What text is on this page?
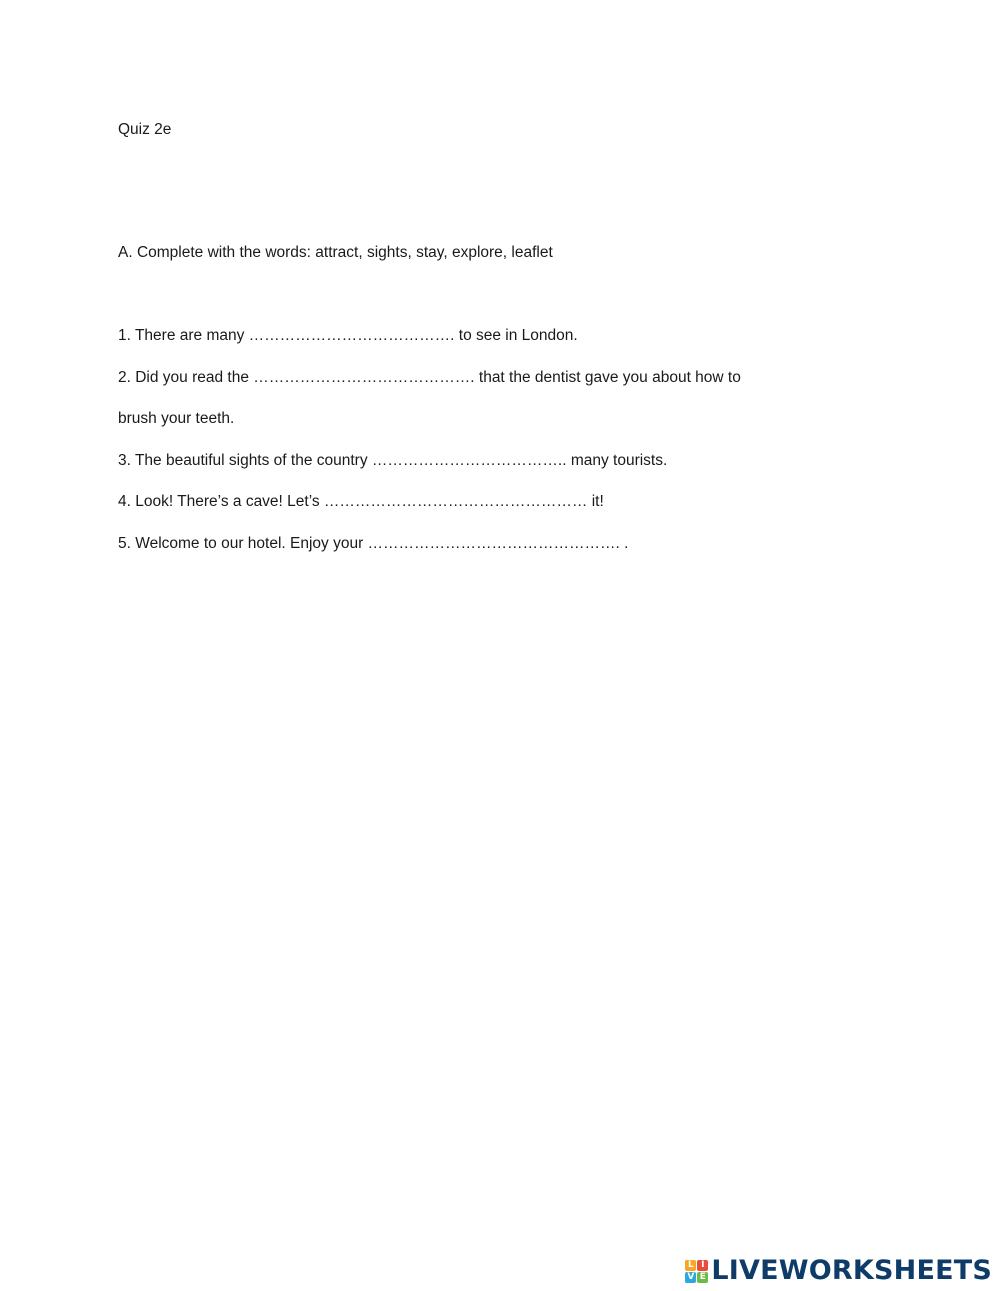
Quiz 2e
A. Complete with the words: attract, sights, stay, explore, leaflet
1. There are many …………………………………. to see in London.
2. Did you read the ……………………………………. that the dentist gave you about how to
brush your teeth.
3. The beautiful sights of the country ……………………………….. many tourists.
4. Look! There’s a cave! Let’s …………………………………………… it!
5. Welcome to our hotel. Enjoy your …………………………………………. .
L I
V E LIVEWORKSHEETS
